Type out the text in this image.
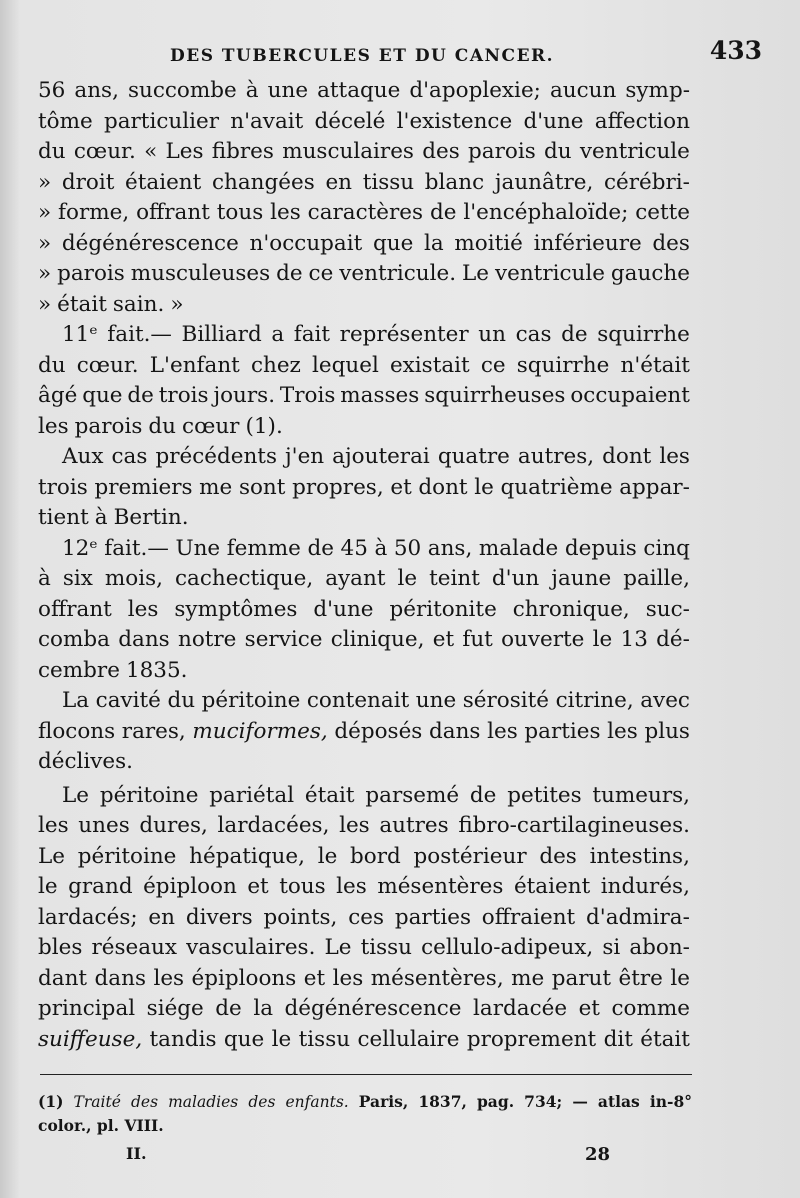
DES TUBERCULES ET DU CANCER.	433
56 ans, succombe à une attaque d'apoplexie; aucun symp-
tôme particulier n'avait décelé l'existence d'une affection
du cœur. « Les fibres musculaires des parois du ventricule
» droit étaient changées en tissu blanc jaunâtre, cérébri-
» forme, offrant tous les caractères de l'encéphaloïde; cette
» dégénérescence n'occupait que la moitié inférieure des
» parois musculeuses de ce ventricule. Le ventricule gauche
» était sain. »
11ᵉ fait.— Billiard a fait représenter un cas de squirrhe
du cœur. L'enfant chez lequel existait ce squirrhe n'était
âgé que de trois jours. Trois masses squirrheuses occupaient
les parois du cœur (1).
Aux cas précédents j'en ajouterai quatre autres, dont les
trois premiers me sont propres, et dont le quatrième appar-
tient à Bertin.
12ᵉ fait.— Une femme de 45 à 50 ans, malade depuis cinq
à six mois, cachectique, ayant le teint d'un jaune paille,
offrant les symptômes d'une péritonite chronique, suc-
comba dans notre service clinique, et fut ouverte le 13 dé-
cembre 1835.
La cavité du péritoine contenait une sérosité citrine, avec
flocons rares, muciformes, déposés dans les parties les plus
déclives.
Le péritoine pariétal était parsemé de petites tumeurs,
les unes dures, lardacées, les autres fibro-cartilagineuses.
Le péritoine hépatique, le bord postérieur des intestins,
le grand épiploon et tous les mésentères étaient indurés,
lardacés; en divers points, ces parties offraient d'admira-
bles réseaux vasculaires. Le tissu cellulo-adipeux, si abon-
dant dans les épiploons et les mésentères, me parut être le
principal siége de la dégénérescence lardacée et comme
suiffeuse, tandis que le tissu cellulaire proprement dit était
(1) Traité des maladies des enfants. Paris, 1837, pag. 734; — atlas in-8°
color., pl. VIII.
II.	28
